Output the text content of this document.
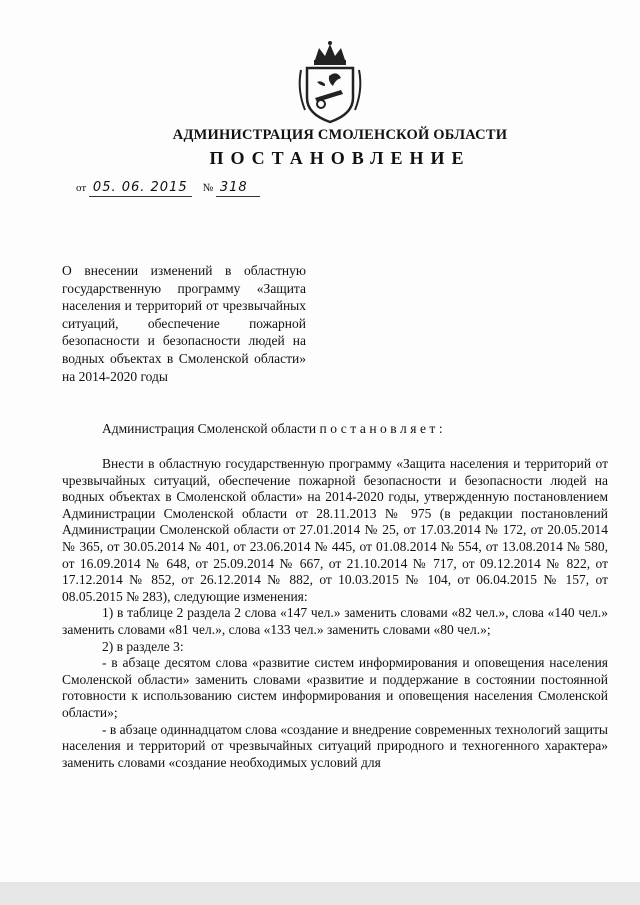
АДМИНИСТРАЦИЯ СМОЛЕНСКОЙ ОБЛАСТИ
ПОСТАНОВЛЕНИЕ
от 05. 06. 2015 № 318
О внесении изменений в областную государственную программу «Защита населения и территорий от чрезвычайных ситуаций, обеспечение пожарной безопасности и безопасности людей на водных объектах в Смоленской области» на 2014-2020 годы
Администрация Смоленской области постановляет:

Внести в областную государственную программу «Защита населения и территорий от чрезвычайных ситуаций, обеспечение пожарной безопасности и безопасности людей на водных объектах в Смоленской области» на 2014-2020 годы, утвержденную постановлением Администрации Смоленской области от 28.11.2013 № 975 (в редакции постановлений Администрации Смоленской области от 27.01.2014 № 25, от 17.03.2014 № 172, от 20.05.2014 № 365, от 30.05.2014 № 401, от 23.06.2014 № 445, от 01.08.2014 № 554, от 13.08.2014 № 580, от 16.09.2014 № 648, от 25.09.2014 № 667, от 21.10.2014 № 717, от 09.12.2014 № 822, от 17.12.2014 № 852, от 26.12.2014 № 882, от 10.03.2015 № 104, от 06.04.2015 № 157, от 08.05.2015 № 283), следующие изменения:

1) в таблице 2 раздела 2 слова «147 чел.» заменить словами «82 чел.», слова «140 чел.» заменить словами «81 чел.», слова «133 чел.» заменить словами «80 чел.»;

2) в разделе 3:

- в абзаце десятом слова «развитие систем информирования и оповещения населения Смоленской области» заменить словами «развитие и поддержание в состоянии постоянной готовности к использованию систем информирования и оповещения населения Смоленской области»;

- в абзаце одиннадцатом слова «создание и внедрение современных технологий защиты населения и территорий от чрезвычайных ситуаций природного и техногенного характера» заменить словами «создание необходимых условий для
